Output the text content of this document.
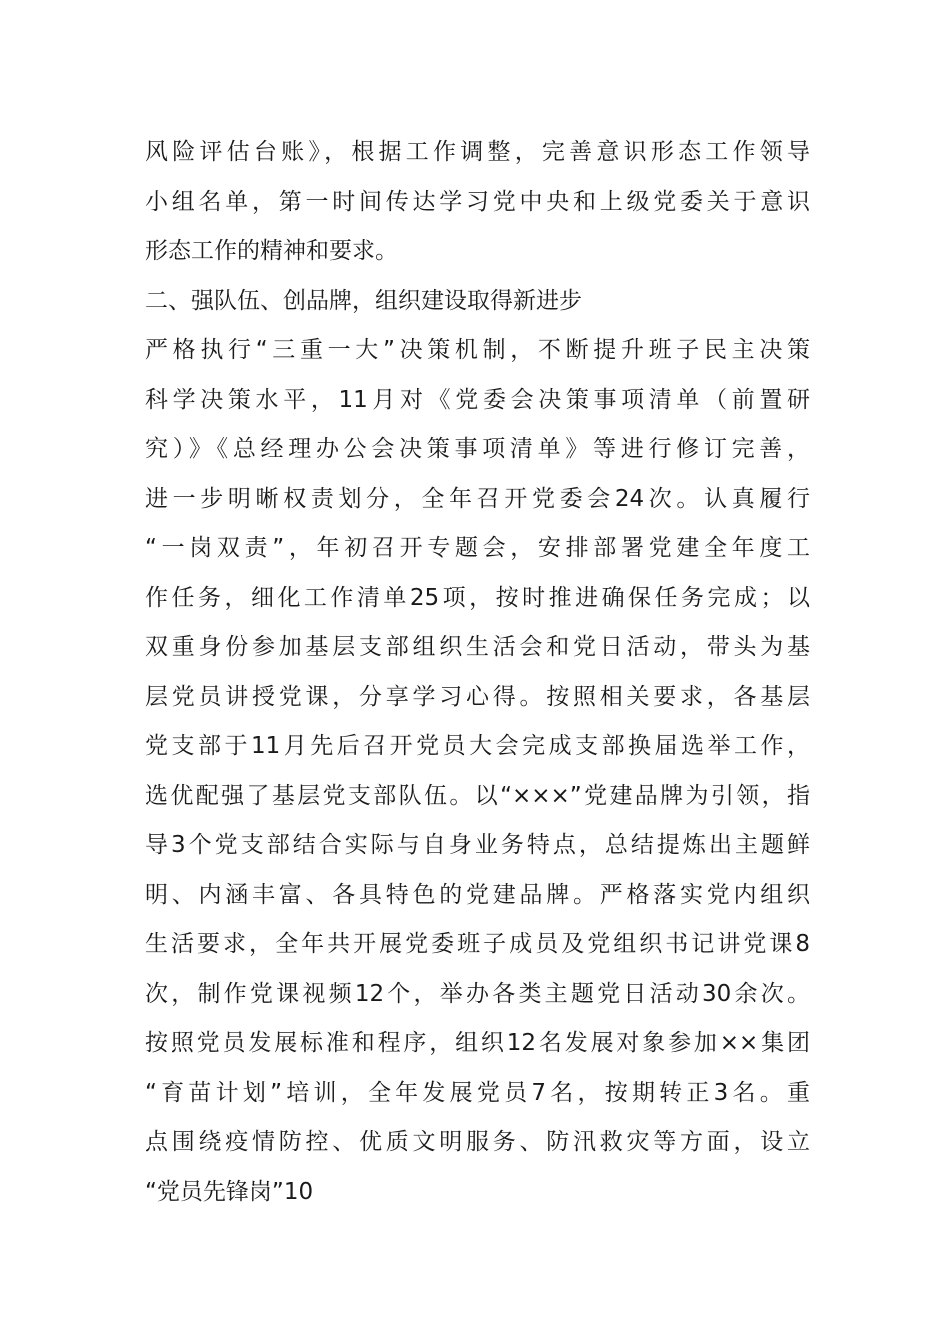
风险评估台账》，根据工作调整，完善意识形态工作领导
小组名单，第一时间传达学习党中央和上级党委关于意识
形态工作的精神和要求。
二、强队伍、创品牌，组织建设取得新进步
严格执行“三重一大”决策机制，不断提升班子民主决策
科学决策水平，11月对《党委会决策事项清单（前置研
究）》《总经理办公会决策事项清单》等进行修订完善，
进一步明晰权责划分，全年召开党委会24次。认真履行
“一岗双责”，年初召开专题会，安排部署党建全年度工
作任务，细化工作清单25项，按时推进确保任务完成；以
双重身份参加基层支部组织生活会和党日活动，带头为基
层党员讲授党课，分享学习心得。按照相关要求，各基层
党支部于11月先后召开党员大会完成支部换届选举工作，
选优配强了基层党支部队伍。以“×××”党建品牌为引领，指
导3个党支部结合实际与自身业务特点，总结提炼出主题鲜
明、内涵丰富、各具特色的党建品牌。严格落实党内组织
生活要求，全年共开展党委班子成员及党组织书记讲党课8
次，制作党课视频12个，举办各类主题党日活动30余次。
按照党员发展标准和程序，组织12名发展对象参加××集团
“育苗计划”培训，全年发展党员7名，按期转正3名。重
点围绕疫情防控、优质文明服务、防汛救灾等方面，设立
“党员先锋岗”10
